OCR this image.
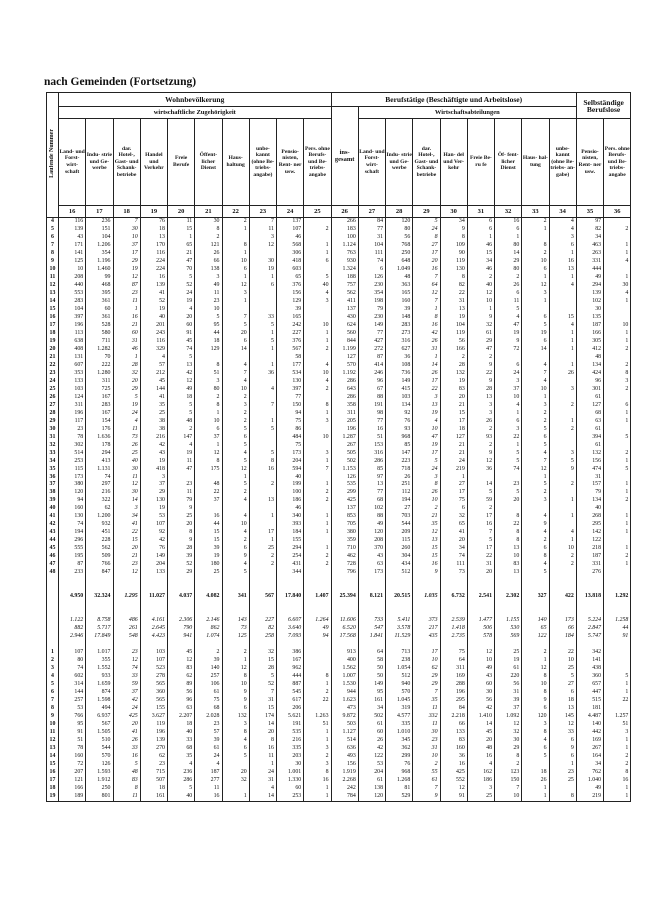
nach Gemeinden (Fortsetzung)
Laufende Nummer	Wohnbevölkerung										Berufstätige (Beschäftigte und Arbeitslose)									Selbständige Berufslose	
	wirtschaftliche Zugehörigkeit										ins- gesamt	Wirtschaftsabteilungen									
	Land- und Forst- wirt- schaft	Indu- strie und Ge- werbe	dar. Hotel-, Gast- und Schank- betriebe	Handel und Verkehr	Freie Berufe	Öffent- licher Dienst	Haus- haltung	unbe- kannt (ohne Be- triebs- angabe)	Pensio- nisten, Rent- ner usw.	Pers. ohne Berufs- und Be- triebs- angabe		Land- und Forst- wirt- schaft	Indu- strie und Ge- werbe	dar. Hotel-, Gast- und Schank- betriebe	Han- del und Ver- kehr	Freie Be- ru fe	Öf- fent- licher Dienst	Haus- hal- tung	unbe- kannt (ohne Be- triebs- an- gabe)	Pensio- nisten, Rent- ner usw.	Pers. ohne Berufs- und Be- triebs- angabe
	16	17	18	19	20	21	22	23	24	25	26	27	28	29	30	31	32	33	34	35	36
4	116	236	7	76	11	30	2	7	137		266	84	120	5	34	6	16	2	4	97	
5	139	151	30	18	15	8	1	11	107	2	183	77	80	24	9	6	6	1	4	82	2
6	43	104	10	13	1	2		3	46		100	31	56	8	8	1	1		3	34	
7	171	1.206	37	170	65	121	8	12	568	1	1.124	104	768	27	109	46	80	8	6	463	1
8	141	354	17	116	21	26	1		306	1	763	111	250	17	90	15	14	2	1	263	1
9	125	1.196	29	224	47	66	10	30	418	6	930	74	648	20	119	34	29	10	16	331	4
10	10	1.460	19	224	70	138	6	19	603		1.324	6	1.049	16	130	46	80	6	13	444	
11	208	99	12	16	5	3	1	1	65	5	188	126	48	7	8	2	2	1	1	49	1
12	440	468	87	139	52	49	12	6	376	40	757	230	363	64	82	40	26	12	4	294	30
13	553	395	23	41	24	11	3		156	4	562	354	165	12	22	12	6	3		139	4
14	283	361	11	52	19	23	1		129	3	411	198	160	7	31	10	11	1		102	1
15	104	60	1	19	4	10			39		137	79	39	1	13	1	5			30	
16	397	361	16	40	20	5	7	33	165		430	230	148	8	19	9	4	6	15	135	
17	196	528	21	201	60	95	5	5	242	10	624	149	283	16	104	32	47	5	4	187	10
18	113	580	60	243	91	44	20	1	227	1	560	77	273	42	119	61	19	19	1	166	1
19	638	711	31	116	45	18	6	5	376	1	844	427	316	26	56	29	9	6	1	305	1
20	408	1.282	46	329	74	129	14	1	567	2	1.199	272	627	31	166	47	72	14	1	412	2
21	131	70	1	4	5				58		127	87	36	1	2	2				48	
22	607	222	28	57	13	8	4	1	177	4	570	414	108	14	28	9	6	4	1	134	2
23	353	1.280	32	212	42	51	7	36	534	10	1.192	246	736	26	132	22	24	7	26	424	8
24	133	311	20	45	12	3	4		130	4	286	96	149	17	19	9	3	4		96	3
25	103	725	29	144	49	80	10	4	397	2	643	67	415	22	83	28	37	10	3	301	2
26	124	167	5	41	18	2	2		77		286	88	103	3	20	13	10	1		61	
27	311	283	19	35	5	8	3	7	150	8	358	191	134	13	21	3	4	3	2	127	6
28	196	167	24	25	5	1	2		94	1	311	98	92	19	15	3	1	2		68	1
29	117	154	4	38	48	10	2	1	75	3	205	77	76	4	17	26	6	2	1	63	1
30	23	176	11	38	2	6	5	5	86		196	16	93	10	18	2	3	5	2	61	
31	78	1.636	73	216	147	37	6		484	10	1.287	51	968	47	127	93	22	6		394	5
32	302	178	26	42	4	1	5		75		267	153	85	19	21	2	1	5		61	
33	514	294	25	43	19	12	4	5	173	3	505	316	147	17	21	9	5	4	3	132	2
34	253	413	40	19	11	8	5	8	204	1	502	286	223	5	24	12	5	7	5	156	1
35	115	1.131	30	418	47	175	12	16	594	7	1.153	85	718	24	219	36	74	12	9	474	5
36	173	74	11	3			1		40		126	97	26	3	1			1		31	
37	380	297	12	37	23	48	5	2	199	1	535	13	251	8	27	14	23	5	2	157	1
38	120	216	30	29	11	22	2		100	2	299	77	112	26	17	5	5	2		79	1
39	94	322	14	130	79	37	4	13	186	2	425	68	194	10	75	59	20	3	1	134	2
40	160	62	3	19	9				46		137	102	27	2	6	2				40	
41	130	1.200	34	53	25	16	4	1	340	1	853	88	703	21	32	17	8	4	1	268	1
42	74	932	41	107	20	44	10		393	1	705	49	544	35	65	16	22	9		295	1
43	194	451	22	92	8	15	4	17	184	1	380	120	209	12	41	7	8	4	4	142	1
44	296	228	15	42	9	15	2	1	155		359	208	115	13	20	5	8	2	1	122	
45	555	562	20	76	28	39	6	25	294	1	710	370	260	15	34	17	13	6	10	218	1
46	195	509	21	149	39	19	9	2	254	2	462	43	304	15	74	22	10	8	2	187	2
47	87	766	23	204	52	180	4	2	431	2	728	63	434	16	111	31	83	4	2	331	1
48	233	847	12	133	29	25	5		344		796	173	512	9	73	20	13	5		276	

	4.950	32.324	1.295	11.027	4.037	4.082	341	567	17.840	1.407	25.394	8.121	20.515	1.035	6.732	2.541	2.302	327	422	13.818	1.292

	1.122	8.758	486	4.161	2.306	2.146	143	227	6.607	1.264	11.606	733	5.411	373	2.539	1.477	1.155	140	173	5.224	1.258
	882	5.717	261	2.645	790	862	73	82	3.640	49	6.520	547	3.578	217	1.418	506	530	65	66	2.847	44
	2.946	17.849	548	4.423	941	1.074	125	258	7.093	94	17.568	1.841	11.529	435	2.735	578	569	122	184	5.747	91

1	107	1.017	23	103	45	2	2	32	386		913	64	713	17	75	12	25	2	22	342	
2	80	355	12	107	12	39	1	15	167		400	58	238	10	64	10	19	1	10	141	
3	74	1.552	74	523	83	140	12	28	962		1.562	50	1.054	62	311	49	61	12	25	438	
4	602	933	33	278	62	257	8	5	444	8	1.007	50	512	29	169	43	220	8	5	360	5
5	314	1.659	59	565	89	106	10	52	887	1	1.530	149	940	29	288	60	56	10	27	657	1
6	144	874	37	360	56	61	9	7	545	2	944	95	570	7	196	30	31	8	6	447	1
7	257	1.598	42	565	96	75	9	31	617	22	1.623	161	1.045	35	295	56	39	9	18	515	22
8	53	494	24	155	63	68	6	15	206		473	34	319	11	84	42	37	6	13	181	
9	766	6.937	425	3.627	2.207	2.028	132	174	5.621	1.263	9.872	502	4.577	332	2.218	1.410	1.092	120	145	4.487	1.257
10	95	567	20	119	18	23	3	14	191	51	503	61	335	11	66	14	12	3	12	140	51
11	91	1.505	41	196	40	57	8	20	535	1	1.127	60	1.010	30	133	45	32	8	33	442	3
12	51	510	26	139	33	39	4	8	216	1	514	26	345	23	83	20	30	4	6	169	1
13	78	544	33	270	68	61	6	16	335	3	636	42	362	31	160	48	29	6	9	267	1
14	160	570	16	62	35	24	5	11	203	2	493	122	299	10	36	16	8	5	6	164	2
15	72	126	5	23	4	4		1	30	3	156	53	76	2	16	4	2		1	34	2
16	207	1.593	48	715	236	187	20	24	1.001	8	1.919	204	968	55	425	162	123	18	23	762	8
17	121	1.912	83	507	286	277	32	31	1.330	16	2.268	61	1.268	61	552	186	150	26	25	1.040	16
18	166	250	8	18	5	11		4	60	1	242	138	81	7	12	3	7	1		49	1
19	189	801	11	161	40	16	1	14	253	1	784	120	529	9	91	25	10	1	8	219	1
